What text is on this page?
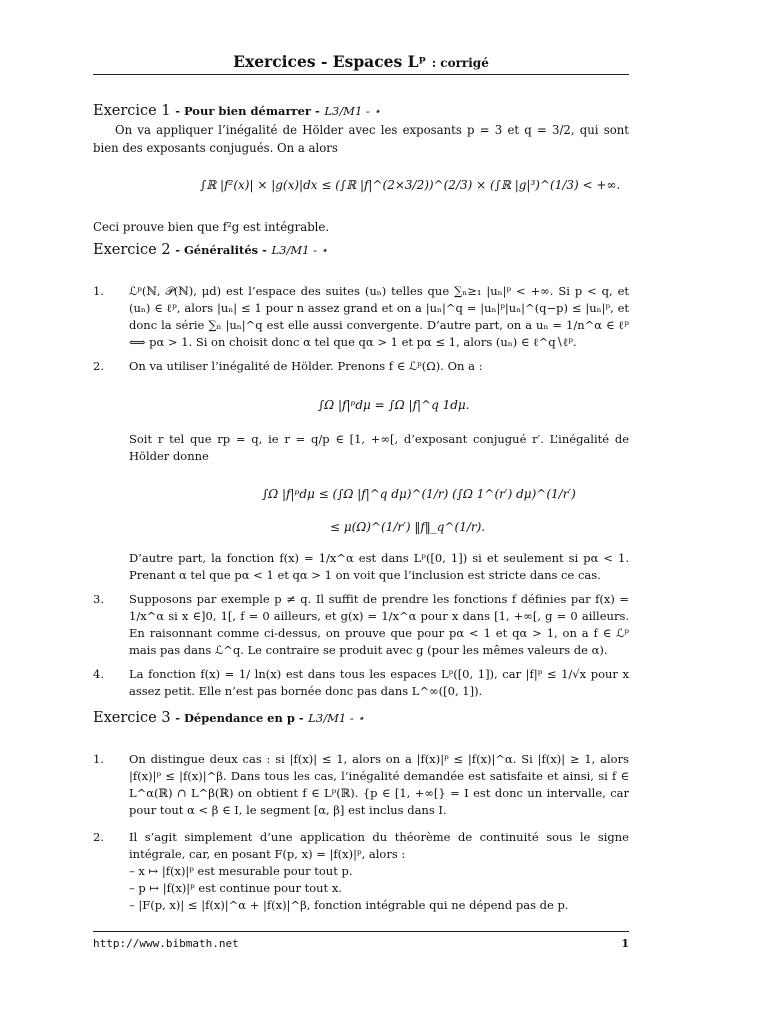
Exercices - Espaces Lᵖ : corrigé
Exercice 1 - Pour bien démarrer - L3/M1 - ⋆
On va appliquer l’inégalité de Hölder avec les exposants p = 3 et q = 3/2, qui sont bien des exposants conjugués. On a alors
∫ℝ |f²(x)| × |g(x)|dx ≤ (∫ℝ |f|^(2×3/2))^(2/3) × (∫ℝ |g|³)^(1/3) < +∞.
Ceci prouve bien que f²g est intégrable.
Exercice 2 - Généralités - L3/M1 - ⋆
1.	ℒᵖ(ℕ, 𝒫(ℕ), μd) est l’espace des suites (uₙ) telles que ∑ₙ≥₁ |uₙ|ᵖ < +∞. Si p < q, et (uₙ) ∈ ℓᵖ, alors |uₙ| ≤ 1 pour n assez grand et on a |uₙ|^q = |uₙ|ᵖ|uₙ|^(q−p) ≤ |uₙ|ᵖ, et donc la série ∑ₙ |uₙ|^q est elle aussi convergente. D’autre part, on a uₙ = 1/n^α ∈ ℓᵖ ⟺ pα > 1. Si on choisit donc α tel que qα > 1 et pα ≤ 1, alors (uₙ) ∈ ℓ^q∖ℓᵖ.
2.	On va utiliser l’inégalité de Hölder. Prenons f ∈ ℒᵖ(Ω). On a :
∫Ω |f|ᵖdμ = ∫Ω |f|^q 1dμ.
Soit r tel que rp = q, ie r = q/p ∈ [1, +∞[, d’exposant conjugué r′. L’inégalité de Hölder donne
∫Ω |f|ᵖdμ ≤ (∫Ω |f|^q dμ)^(1/r) (∫Ω 1^(r′) dμ)^(1/r′)
≤ μ(Ω)^(1/r′) ‖f‖_q^(1/r).
D’autre part, la fonction f(x) = 1/x^α est dans Lᵖ([0, 1]) si et seulement si pα < 1. Prenant α tel que pα < 1 et qα > 1 on voit que l’inclusion est stricte dans ce cas.
3.	Supposons par exemple p ≠ q. Il suffit de prendre les fonctions f définies par f(x) = 1/x^α si x ∈]0, 1[, f = 0 ailleurs, et g(x) = 1/x^α pour x dans [1, +∞[, g = 0 ailleurs. En raisonnant comme ci-dessus, on prouve que pour pα < 1 et qα > 1, on a f ∈ ℒᵖ mais pas dans ℒ^q. Le contraire se produit avec g (pour les mêmes valeurs de α).
4.	La fonction f(x) = 1/ ln(x) est dans tous les espaces Lᵖ([0, 1]), car |f|ᵖ ≤ 1/√x pour x assez petit. Elle n’est pas bornée donc pas dans L^∞([0, 1]).
Exercice 3 - Dépendance en p - L3/M1 - ⋆
1.	On distingue deux cas : si |f(x)| ≤ 1, alors on a |f(x)|ᵖ ≤ |f(x)|^α. Si |f(x)| ≥ 1, alors |f(x)|ᵖ ≤ |f(x)|^β. Dans tous les cas, l’inégalité demandée est satisfaite et ainsi, si f ∈ L^α(ℝ) ∩ L^β(ℝ) on obtient f ∈ Lᵖ(ℝ). {p ∈ [1, +∞[} = I est donc un intervalle, car pour tout α < β ∈ I, le segment [α, β] est inclus dans I.
2.	Il s’agit simplement d’une application du théorème de continuité sous le signe intégrale, car, en posant F(p, x) = |f(x)|ᵖ, alors :
– x ↦ |f(x)|ᵖ est mesurable pour tout p.
– p ↦ |f(x)|ᵖ est continue pour tout x.
– |F(p, x)| ≤ |f(x)|^α + |f(x)|^β, fonction intégrable qui ne dépend pas de p.
http://www.bibmath.net	1
